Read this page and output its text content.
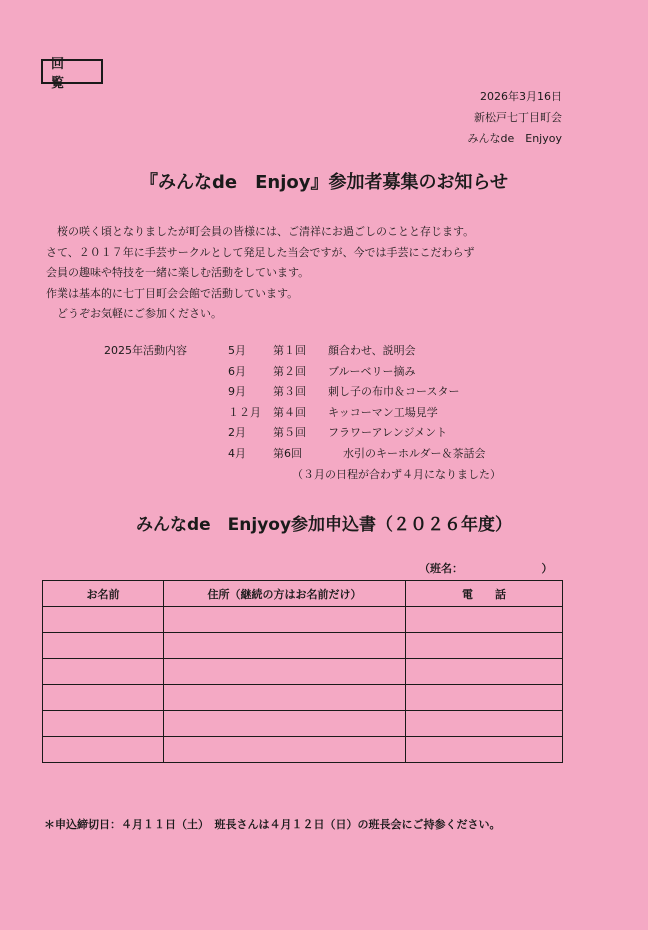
回 覧
2026年3月16日
新松戸七丁目町会
みんなde　Enjyoy
『みんなde　Enjoy』参加者募集のお知らせ
　桜の咲く頃となりましたが町会員の皆様には、ご清祥にお過ごしのことと存じます。
さて、２０１７年に手芸サークルとして発足した当会ですが、今では手芸にこだわらず
会員の趣味や特技を一緒に楽しむ活動をしています。
作業は基本的に七丁目町会会館で活動しています。
　どうぞお気軽にご参加ください。
2025年活動内容	5月 第１回 顔合わせ、説明会
6月 第２回 ブルーベリー摘み
9月 第３回 刺し子の布巾＆コースター
１２月 第４回 キッコーマン工場見学
2月 第５回 フラワーアレンジメント
4月 第6回	水引のキーホルダー＆茶話会
（３月の日程が合わず４月になりました）
みんなde　Enjyoy参加申込書（２０２６年度）
（班名：	）
お名前	住所（継続の方はお名前だけ）	電　　話

＊申込締切日：４月１１日（土）　班長さんは４月１２日（日）の班長会にご持参ください。
